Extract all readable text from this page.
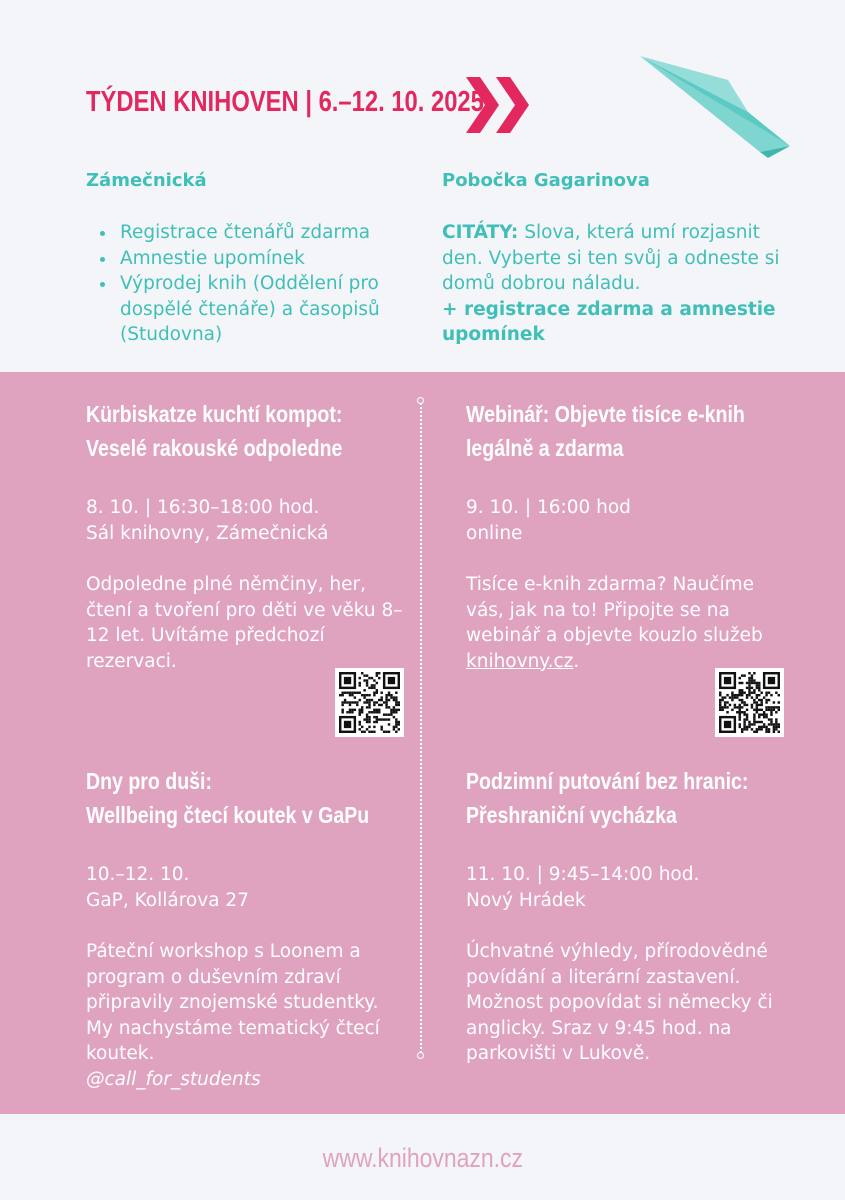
TÝDEN KNIHOVEN | 6.–12. 10. 2025
Zámečnická	Pobočka Gagarinova
Registrace čtenářů zdarma
Amnestie upomínek
Výprodej knih (Oddělení pro dospělé čtenáře) a časopisů (Studovna)
CITÁTY: Slova, která umí rozjasnit den. Vyberte si ten svůj a odneste si domů dobrou náladu.
+ registrace zdarma a amnestie upomínek
Kürbiskatze kuchtí kompot:
Veselé rakouské odpoledne
8. 10. | 16:30–18:00 hod.
Sál knihovny, Zámečnická
Odpoledne plné němčiny, her, čtení a tvoření pro děti ve věku 8–12 let. Uvítáme předchozí rezervaci.
Webinář: Objevte tisíce e-knih
legálně a zdarma
9. 10. | 16:00 hod
online
Tisíce e-knih zdarma? Naučíme vás, jak na to! Připojte se na webinář a objevte kouzlo služeb knihovny.cz.
Dny pro duši:
Wellbeing čtecí koutek v GaPu
10.–12. 10.
GaP, Kollárova 27
Páteční workshop s Loonem a program o duševním zdraví připravily znojemské studentky. My nachystáme tematický čtecí koutek.
@call_for_students
Podzimní putování bez hranic:
Přeshraniční vycházka
11. 10. | 9:45–14:00 hod.
Nový Hrádek
Úchvatné výhledy, přírodovědné povídání a literární zastavení. Možnost popovídat si německy či anglicky. Sraz v 9:45 hod. na parkovišti v Lukově.
www.knihovnazn.cz
